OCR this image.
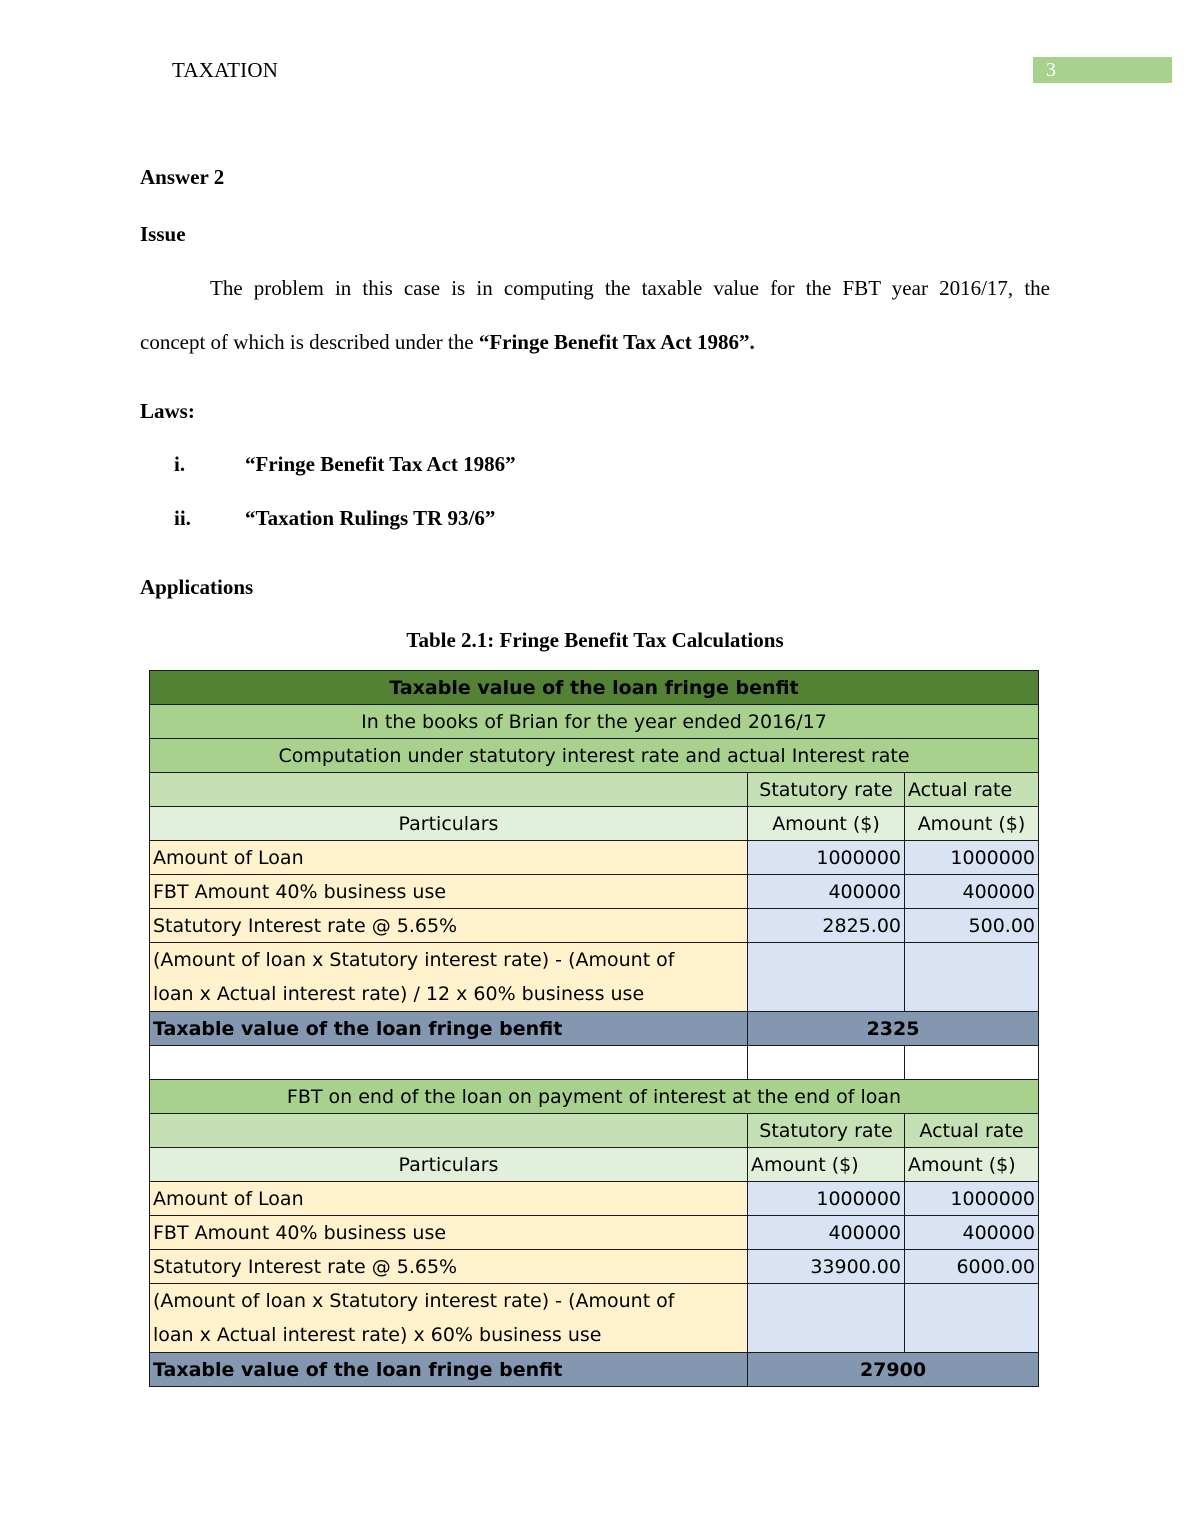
TAXATION	3
Answer 2
Issue
The problem in this case is in computing the taxable value for the FBT year 2016/17, the
concept of which is described under the “Fringe Benefit Tax Act 1986”.
Laws:
i.	“Fringe Benefit Tax Act 1986”
ii.	“Taxation Rulings TR 93/6”
Applications
Table 2.1: Fringe Benefit Tax Calculations
Taxable value of the loan fringe benfit		
In the books of Brian for the year ended 2016/17		
Computation under statutory interest rate and actual Interest rate		
	Statutory rate	Actual rate
Particulars	Amount ($)	Amount ($)
Amount of Loan	1000000	1000000
FBT Amount 40% business use	400000	400000
Statutory Interest rate @ 5.65%	2825.00	500.00
(Amount of loan x Statutory interest rate) - (Amount of
loan x Actual interest rate) / 12 x 60% business use		
Taxable value of the loan fringe benfit	2325	

FBT on end of the loan on payment of interest at the end of loan		
	Statutory rate	Actual rate
Particulars	Amount ($)	Amount ($)
Amount of Loan	1000000	1000000
FBT Amount 40% business use	400000	400000
Statutory Interest rate @ 5.65%	33900.00	6000.00
(Amount of loan x Statutory interest rate) - (Amount of
loan x Actual interest rate) x 60% business use		
Taxable value of the loan fringe benfit	27900	
